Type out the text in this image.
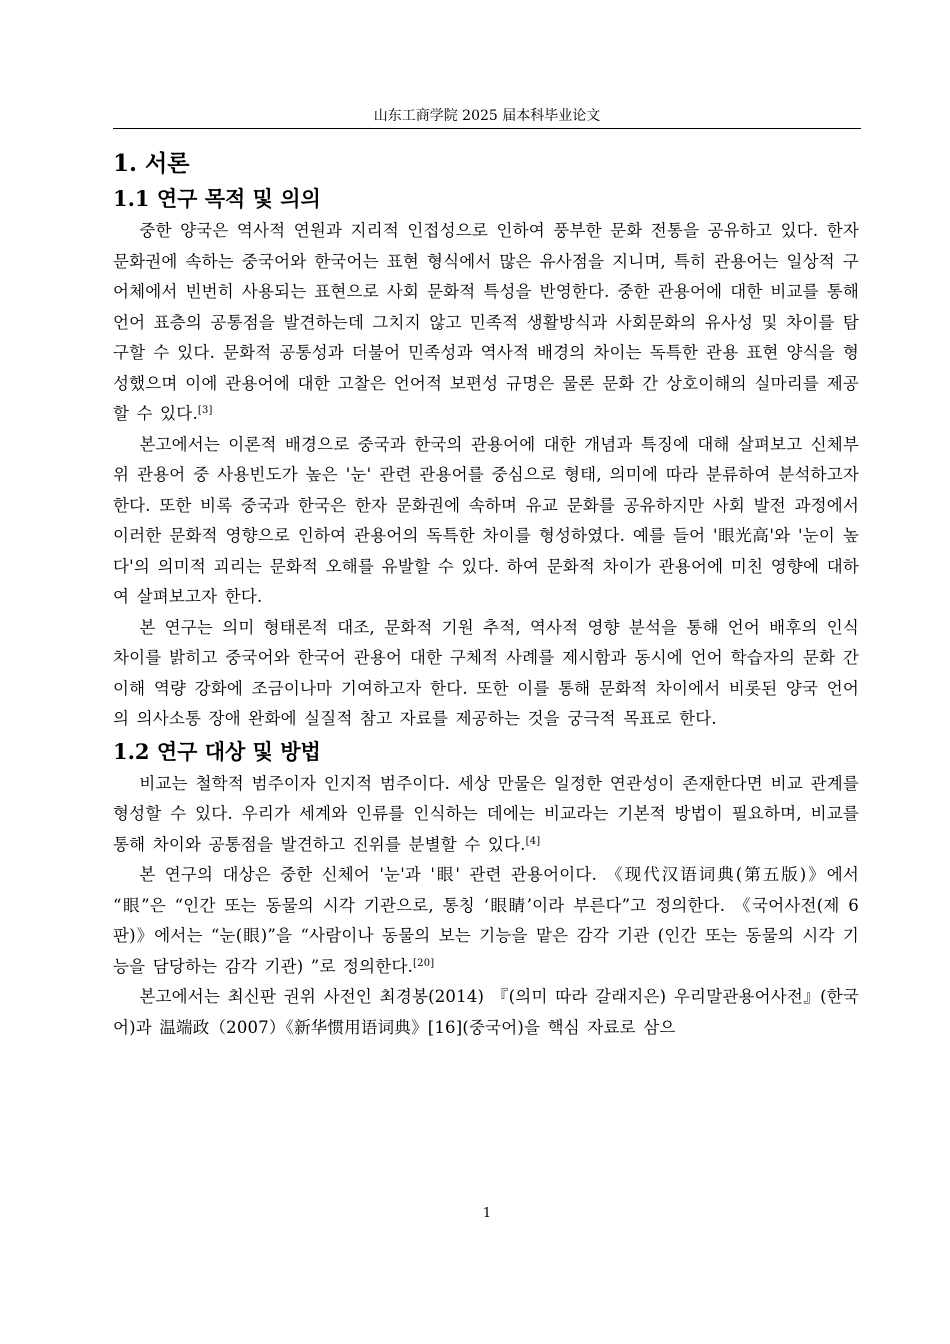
山东工商学院 2025 届本科毕业论文
1. 서론
1.1 연구 목적 및 의의

중한 양국은 역사적 연원과 지리적 인접성으로 인하여 풍부한 문화 전통을 공유하고 있다. 한자 문화권에 속하는 중국어와 한국어는 표현 형식에서 많은 유사점을 지니며, 특히 관용어는 일상적 구어체에서 빈번히 사용되는 표현으로 사회 문화적 특성을 반영한다. 중한 관용어에 대한 비교를 통해 언어 표층의 공통점을 발견하는데 그치지 않고 민족적 생활방식과 사회문화의 유사성 및 차이를 탐구할 수 있다. 문화적 공통성과 더불어 민족성과 역사적 배경의 차이는 독특한 관용 표현 양식을 형성했으며 이에 관용어에 대한 고찰은 언어적 보편성 규명은 물론 문화 간 상호이해의 실마리를 제공할 수 있다.[3]

본고에서는 이론적 배경으로 중국과 한국의 관용어에 대한 개념과 특징에 대해 살펴보고 신체부위 관용어 중 사용빈도가 높은 '눈' 관련 관용어를 중심으로 형태, 의미에 따라 분류하여 분석하고자 한다. 또한 비록 중국과 한국은 한자 문화권에 속하며 유교 문화를 공유하지만 사회 발전 과정에서 이러한 문화적 영향으로 인하여 관용어의 독특한 차이를 형성하였다. 예를 들어 '眼光高'와 '눈이 높다'의 의미적 괴리는 문화적 오해를 유발할 수 있다. 하여 문화적 차이가 관용어에 미친 영향에 대하여 살펴보고자 한다.

본 연구는 의미 형태론적 대조, 문화적 기원 추적, 역사적 영향 분석을 통해 언어 배후의 인식 차이를 밝히고 중국어와 한국어 관용어 대한 구체적 사례를 제시함과 동시에 언어 학습자의 문화 간 이해 역량 강화에 조금이나마 기여하고자 한다. 또한 이를 통해 문화적 차이에서 비롯된 양국 언어의 의사소통 장애 완화에 실질적 참고 자료를 제공하는 것을 궁극적 목표로 한다.

1.2 연구 대상 및 방법

비교는 철학적 범주이자 인지적 범주이다. 세상 만물은 일정한 연관성이 존재한다면 비교 관계를 형성할 수 있다. 우리가 세계와 인류를 인식하는 데에는 비교라는 기본적 방법이 필요하며, 비교를 통해 차이와 공통점을 발견하고 진위를 분별할 수 있다.[4]

본 연구의 대상은 중한 신체어 '눈'과 '眼' 관련 관용어이다. 《现代汉语词典(第五版)》에서 “眼”은 “인간 또는 동물의 시각 기관으로, 통칭 ‘眼睛’이라 부른다”고 정의한다. 《국어사전(제 6 판)》에서는 “눈(眼)”을 “사람이나 동물의 보는 기능을 맡은 감각 기관 (인간 또는 동물의 시각 기능을 담당하는 감각 기관) ”로 정의한다.[20]

본고에서는 최신판 권위 사전인 최경봉(2014) 『(의미 따라 갈래지은) 우리말관용어사전』(한국어)과 温端政（2007）《新华惯用语词典》[16](중국어)을 핵심 자료로 삼으

1
